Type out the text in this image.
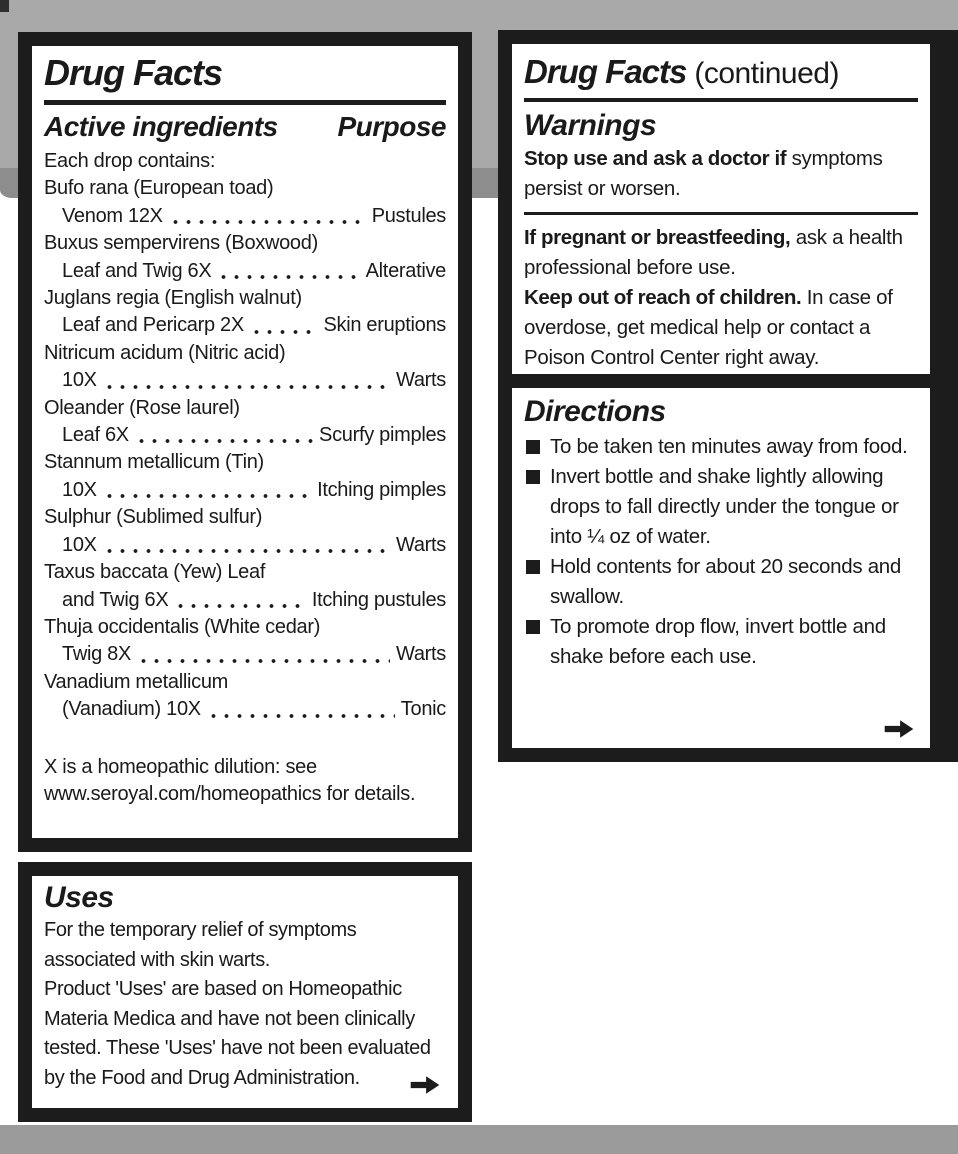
Drug Facts
Active ingredients Purpose

Each drop contains:

Bufo rana (European toad)
Venom 12X	Pustules
Buxus sempervirens (Boxwood)
Leaf and Twig 6X	Alterative
Juglans regia (English walnut)
Leaf and Pericarp 2X	Skin eruptions
Nitricum acidum (Nitric acid)
10X	Warts
Oleander (Rose laurel)
Leaf 6X	Scurfy pimples
Stannum metallicum (Tin)
10X	Itching pimples
Sulphur (Sublimed sulfur)
10X	Warts
Taxus baccata (Yew) Leaf
and Twig 6X	Itching pustules
Thuja occidentalis (White cedar)
Twig 8X	Warts
Vanadium metallicum
(Vanadium) 10X	Tonic

X is a homeopathic dilution: see www.seroyal.com/homeopathics for details.

Uses

For the temporary relief of symptoms associated with skin warts.

Product 'Uses' are based on Homeopathic Materia Medica and have not been clinically tested. These 'Uses' have not been evaluated by the Food and Drug Administration.

Drug Facts (continued)
Warnings

Stop use and ask a doctor if symptoms persist or worsen.

If pregnant or breastfeeding, ask a health professional before use.

Keep out of reach of children. In case of overdose, get medical help or contact a Poison Control Center right away.

Directions
To be taken ten minutes away from food.
Invert bottle and shake lightly allowing drops to fall directly under the tongue or into ¼ oz of water.
Hold contents for about 20 seconds and swallow.
To promote drop flow, invert bottle and shake before each use.
